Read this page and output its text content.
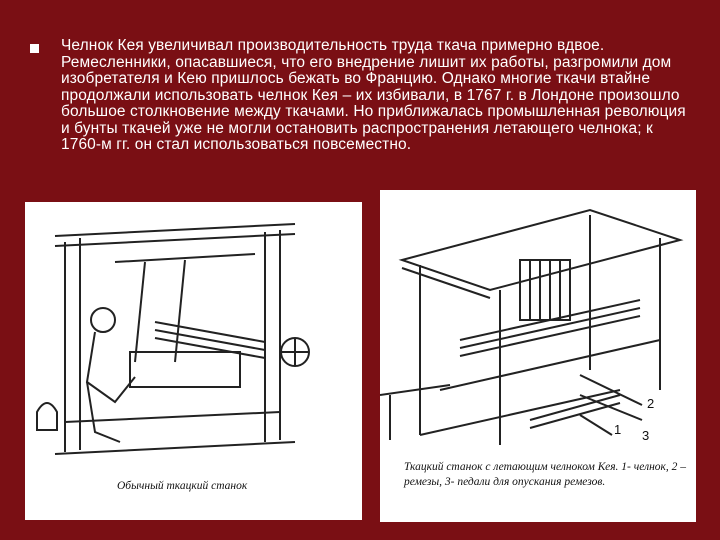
Челнок Кея увеличивал производительность труда ткача примерно вдвое. Ремесленники, опасавшиеся, что его внедрение лишит их работы, разгромили дом изобретателя и Кею пришлось бежать во Францию. Однако многие ткачи втайне продолжали использовать челнок Кея – их избивали, в 1767 г. в Лондоне произошло большое столкновение между ткачами. Но приближалась промышленная революция и бунты ткачей уже не могли остановить распространения летающего челнока; к 1760-м гг. он стал использоваться повсеместно.
Обычный ткацкий станок
1
2
3
Ткацкий станок с летающим челноком Кея. 1- челнок, 2 – ремезы, 3- педали для опускания ремезов.
